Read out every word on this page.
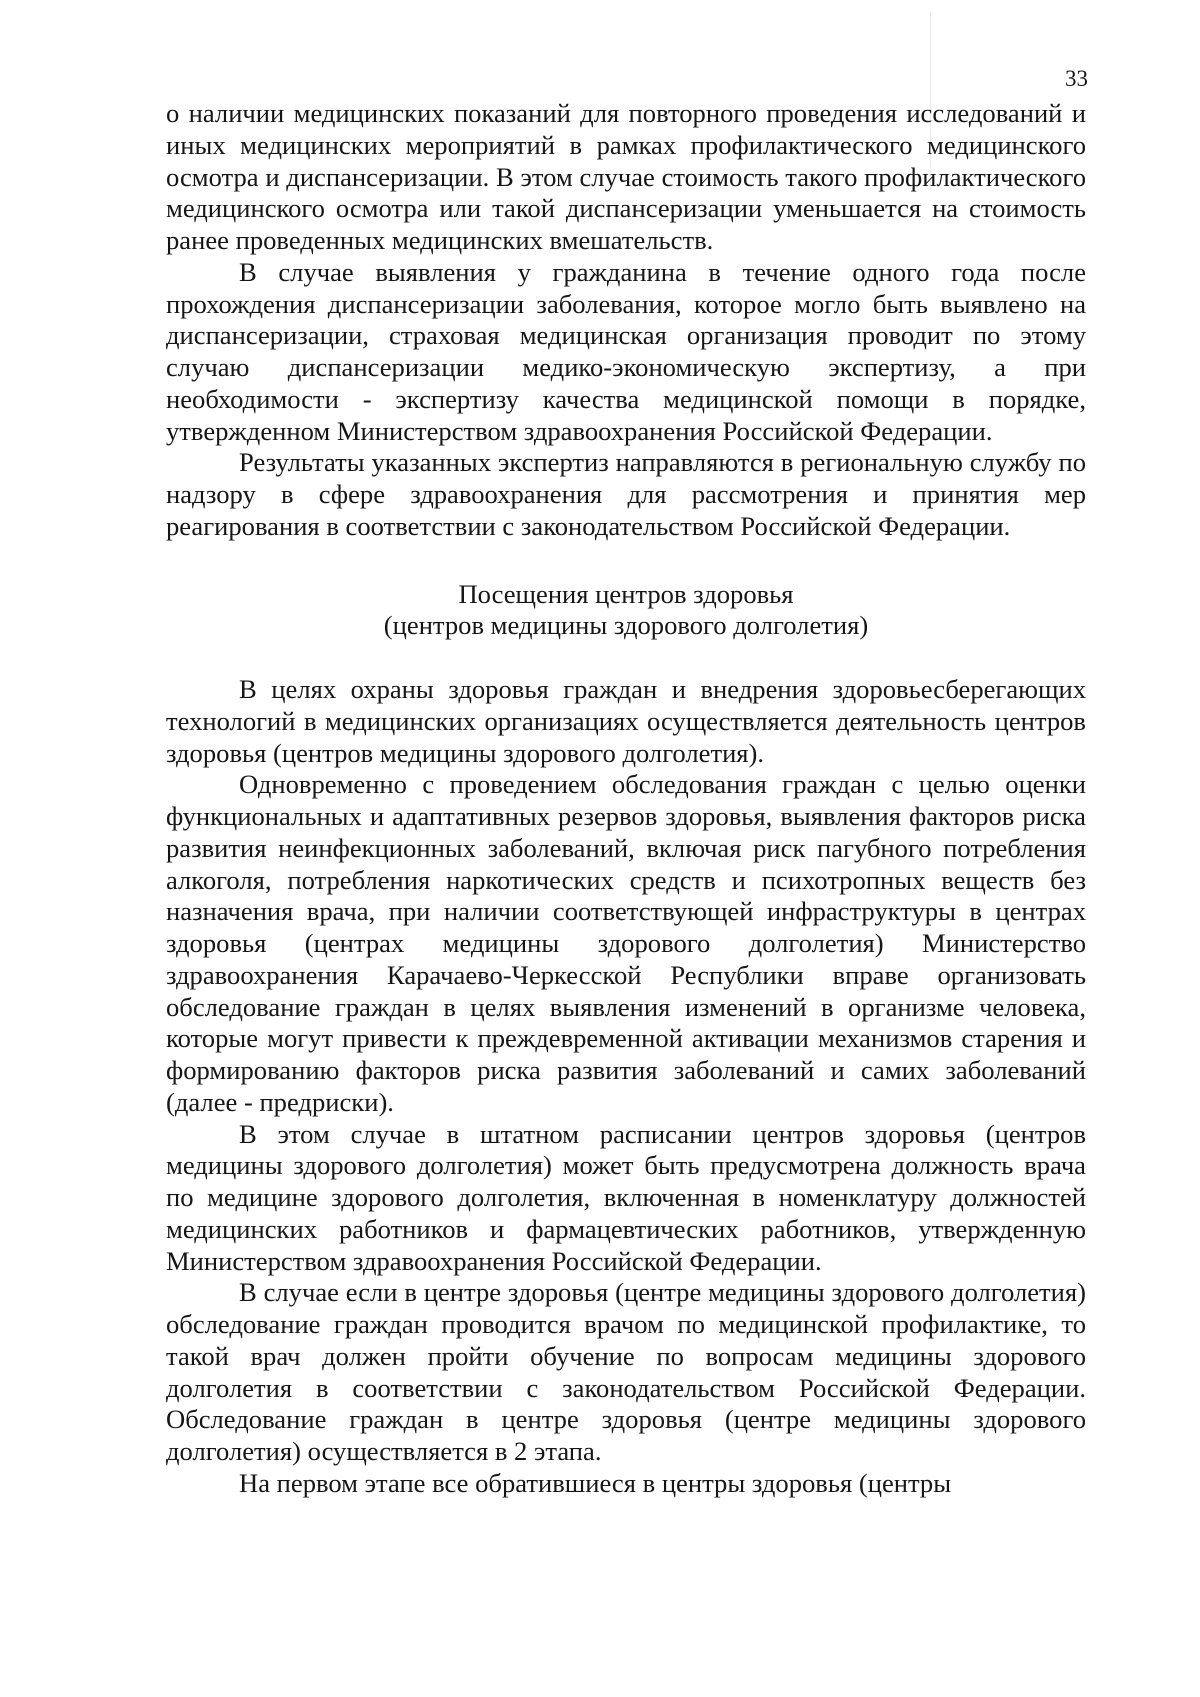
33

о наличии медицинских показаний для повторного проведения исследований и иных медицинских мероприятий в рамках профилактического медицинского осмотра и диспансеризации. В этом случае стоимость такого профилактического медицинского осмотра или такой диспансеризации уменьшается на стоимость ранее проведенных медицинских вмешательств.

В случае выявления у гражданина в течение одного года после прохождения диспансеризации заболевания, которое могло быть выявлено на диспансеризации, страховая медицинская организация проводит по этому случаю диспансеризации медико-экономическую экспертизу, а при необходимости - экспертизу качества медицинской помощи в порядке, утвержденном Министерством здравоохранения Российской Федерации.

Результаты указанных экспертиз направляются в региональную службу по надзору в сфере здравоохранения для рассмотрения и принятия мер реагирования в соответствии с законодательством Российской Федерации.

Посещения центров здоровья
(центров медицины здорового долголетия)

В целях охраны здоровья граждан и внедрения здоровьесберегающих технологий в медицинских организациях осуществляется деятельность центров здоровья (центров медицины здорового долголетия).

Одновременно с проведением обследования граждан с целью оценки функциональных и адаптативных резервов здоровья, выявления факторов риска развития неинфекционных заболеваний, включая риск пагубного потребления алкоголя, потребления наркотических средств и психотропных веществ без назначения врача, при наличии соответствующей инфраструктуры в центрах здоровья (центрах медицины здорового долголетия) Министерство здравоохранения Карачаево-Черкесской Республики вправе организовать обследование граждан в целях выявления изменений в организме человека, которые могут привести к преждевременной активации механизмов старения и формированию факторов риска развития заболеваний и самих заболеваний (далее - предриски).

В этом случае в штатном расписании центров здоровья (центров медицины здорового долголетия) может быть предусмотрена должность врача по медицине здорового долголетия, включенная в номенклатуру должностей медицинских работников и фармацевтических работников, утвержденную Министерством здравоохранения Российской Федерации.

В случае если в центре здоровья (центре медицины здорового долголетия) обследование граждан проводится врачом по медицинской профилактике, то такой врач должен пройти обучение по вопросам медицины здорового долголетия в соответствии с законодательством Российской Федерации. Обследование граждан в центре здоровья (центре медицины здорового долголетия) осуществляется в 2 этапа.

На первом этапе все обратившиеся в центры здоровья (центры
